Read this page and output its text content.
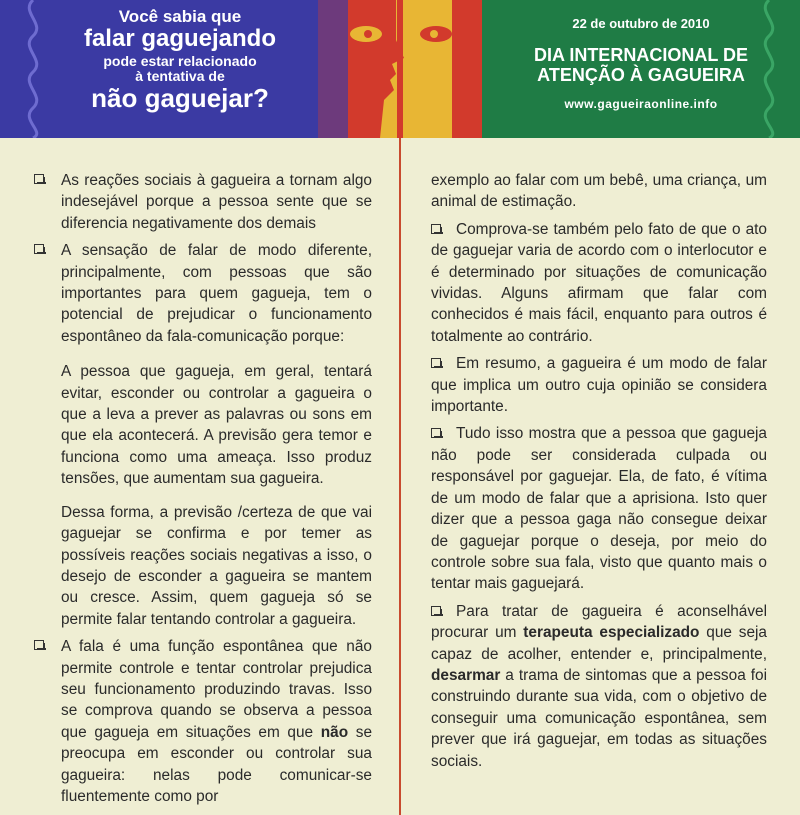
Você sabia que
falar gaguejando
pode estar relacionado
à tentativa de
não gaguejar?
22 de outubro de 2010
DIA INTERNACIONAL DE
ATENÇÃO À GAGUEIRA
www.gagueiraonline.info

As reações sociais à gagueira a tornam algo indesejável porque a pessoa sente que se diferencia negativamente dos demais

A sensação de falar de modo diferente, principalmente, com pessoas que são importantes para quem gagueja, tem o potencial de prejudicar o funcionamento espontâneo da fala-comunicação porque:

A pessoa que gagueja, em geral, tentará evitar, esconder ou controlar a gagueira o que a leva a prever as palavras ou sons em que ela acontecerá. A previsão gera temor e funciona como uma ameaça. Isso produz tensões, que aumentam sua gagueira.

Dessa forma, a previsão /certeza de que vai gaguejar se confirma e por temer as possíveis reações sociais negativas a isso, o desejo de esconder a gagueira se mantem ou cresce. Assim, quem gagueja só se permite falar tentando controlar a gagueira.

A fala é uma função espontânea que não permite controle e tentar controlar prejudica seu funcionamento produzindo travas. Isso se comprova quando se observa a pessoa que gagueja em situações em que não se preocupa em esconder ou controlar sua gagueira: nelas pode comunicar-se fluentemente como por

exemplo ao falar com um bebê, uma criança, um animal de estimação.

Comprova-se também pelo fato de que o ato de gaguejar varia de acordo com o interlocutor e é determinado por situações de comunicação vividas. Alguns afirmam que falar com conhecidos é mais fácil, enquanto para outros é totalmente ao contrário.

Em resumo, a gagueira é um modo de falar que implica um outro cuja opinião se considera importante.

Tudo isso mostra que a pessoa que gagueja não pode ser considerada culpada ou responsável por gaguejar. Ela, de fato, é vítima de um modo de falar que a aprisiona. Isto quer dizer que a pessoa gaga não consegue deixar de gaguejar porque o deseja, por meio do controle sobre sua fala, visto que quanto mais o tentar mais gaguejará.

Para tratar de gagueira é aconselhável procurar um terapeuta especializado que seja capaz de acolher, entender e, principalmente, desarmar a trama de sintomas que a pessoa foi construindo durante sua vida, com o objetivo de conseguir uma comunicação espontânea, sem prever que irá gaguejar, em todas as situações sociais.
